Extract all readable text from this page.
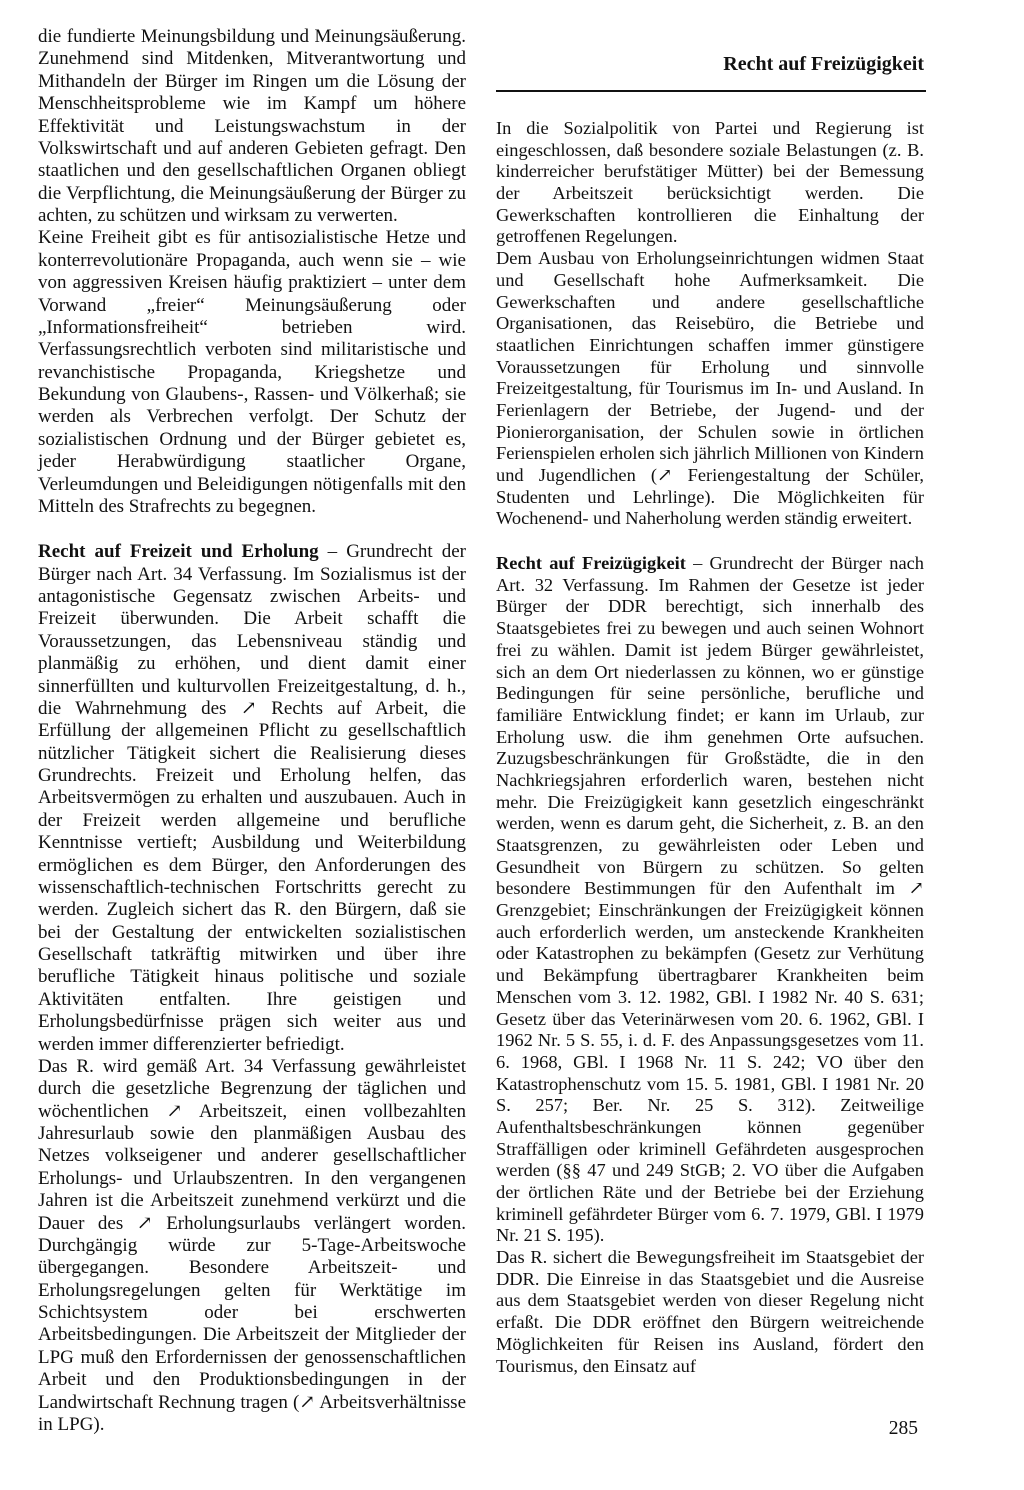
Recht auf Freizügigkeit

die fundierte Meinungsbildung und Meinungsäußerung. Zunehmend sind Mitdenken, Mitverantwortung und Mithandeln der Bürger im Ringen um die Lösung der Menschheitsprobleme wie im Kampf um höhere Effektivität und Leistungswachstum in der Volkswirtschaft und auf anderen Gebieten gefragt. Den staatlichen und den gesellschaftlichen Organen obliegt die Verpflichtung, die Meinungsäußerung der Bürger zu achten, zu schützen und wirksam zu verwerten.

Keine Freiheit gibt es für antisozialistische Hetze und konterrevolutionäre Propaganda, auch wenn sie – wie von aggressiven Kreisen häufig praktiziert – unter dem Vorwand „freier“ Meinungsäußerung oder „Informationsfreiheit“ betrieben wird. Verfassungsrechtlich verboten sind militaristische und revanchistische Propaganda, Kriegshetze und Bekundung von Glaubens-, Rassen- und Völkerhaß; sie werden als Verbrechen verfolgt. Der Schutz der sozialistischen Ordnung und der Bürger gebietet es, jeder Herabwürdigung staatlicher Organe, Verleumdungen und Beleidigungen nötigenfalls mit den Mitteln des Strafrechts zu begegnen.

Recht auf Freizeit und Erholung – Grundrecht der Bürger nach Art. 34 Verfassung. Im Sozialismus ist der antagonistische Gegensatz zwischen Arbeits- und Freizeit überwunden. Die Arbeit schafft die Voraussetzungen, das Lebensniveau ständig und planmäßig zu erhöhen, und dient damit einer sinnerfüllten und kulturvollen Freizeitgestaltung, d. h., die Wahrnehmung des ↗ Rechts auf Arbeit, die Erfüllung der allgemeinen Pflicht zu gesellschaftlich nützlicher Tätigkeit sichert die Realisierung dieses Grundrechts. Freizeit und Erholung helfen, das Arbeitsvermögen zu erhalten und auszubauen. Auch in der Freizeit werden allgemeine und berufliche Kenntnisse vertieft; Ausbildung und Weiterbildung ermöglichen es dem Bürger, den Anforderungen des wissenschaftlich-technischen Fortschritts gerecht zu werden. Zugleich sichert das R. den Bürgern, daß sie bei der Gestaltung der entwickelten sozialistischen Gesellschaft tatkräftig mitwirken und über ihre berufliche Tätigkeit hinaus politische und soziale Aktivitäten entfalten. Ihre geistigen und Erholungsbedürfnisse prägen sich weiter aus und werden immer differenzierter befriedigt.

Das R. wird gemäß Art. 34 Verfassung gewährleistet durch die gesetzliche Begrenzung der täglichen und wöchentlichen ↗ Arbeitszeit, einen vollbezahlten Jahresurlaub sowie den planmäßigen Ausbau des Netzes volkseigener und anderer gesellschaftlicher Erholungs- und Urlaubszentren. In den vergangenen Jahren ist die Arbeitszeit zunehmend verkürzt und die Dauer des ↗ Erholungsurlaubs verlängert worden. Durchgängig würde zur 5-Tage-Arbeitswoche übergegangen. Besondere Arbeitszeit- und Erholungsregelungen gelten für Werktätige im Schichtsystem oder bei erschwerten Arbeitsbedingungen. Die Arbeitszeit der Mitglieder der LPG muß den Erfordernissen der genossenschaftlichen Arbeit und den Produktionsbedingungen in der Landwirtschaft Rechnung tragen (↗ Arbeitsverhältnisse in LPG).

In die Sozialpolitik von Partei und Regierung ist eingeschlossen, daß besondere soziale Belastungen (z. B. kinderreicher berufstätiger Mütter) bei der Bemessung der Arbeitszeit berücksichtigt werden. Die Gewerkschaften kontrollieren die Einhaltung der getroffenen Regelungen.

Dem Ausbau von Erholungseinrichtungen widmen Staat und Gesellschaft hohe Aufmerksamkeit. Die Gewerkschaften und andere gesellschaftliche Organisationen, das Reisebüro, die Betriebe und staatlichen Einrichtungen schaffen immer günstigere Voraussetzungen für Erholung und sinnvolle Freizeitgestaltung, für Tourismus im In- und Ausland. In Ferienlagern der Betriebe, der Jugend- und der Pionierorganisation, der Schulen sowie in örtlichen Ferienspielen erholen sich jährlich Millionen von Kindern und Jugendlichen (↗ Feriengestaltung der Schüler, Studenten und Lehrlinge). Die Möglichkeiten für Wochenend- und Naherholung werden ständig erweitert.

Recht auf Freizügigkeit – Grundrecht der Bürger nach Art. 32 Verfassung. Im Rahmen der Gesetze ist jeder Bürger der DDR berechtigt, sich innerhalb des Staatsgebietes frei zu bewegen und auch seinen Wohnort frei zu wählen. Damit ist jedem Bürger gewährleistet, sich an dem Ort niederlassen zu können, wo er günstige Bedingungen für seine persönliche, berufliche und familiäre Entwicklung findet; er kann im Urlaub, zur Erholung usw. die ihm genehmen Orte aufsuchen. Zuzugsbeschränkungen für Großstädte, die in den Nachkriegsjahren erforderlich waren, bestehen nicht mehr. Die Freizügigkeit kann gesetzlich eingeschränkt werden, wenn es darum geht, die Sicherheit, z. B. an den Staatsgrenzen, zu gewährleisten oder Leben und Gesundheit von Bürgern zu schützen. So gelten besondere Bestimmungen für den Aufenthalt im ↗ Grenzgebiet; Einschränkungen der Freizügigkeit können auch erforderlich werden, um ansteckende Krankheiten oder Katastrophen zu bekämpfen (Gesetz zur Verhütung und Bekämpfung übertragbarer Krankheiten beim Menschen vom 3. 12. 1982, GBl. I 1982 Nr. 40 S. 631; Gesetz über das Veterinärwesen vom 20. 6. 1962, GBl. I 1962 Nr. 5 S. 55, i. d. F. des Anpassungsgesetzes vom 11. 6. 1968, GBl. I 1968 Nr. 11 S. 242; VO über den Katastrophenschutz vom 15. 5. 1981, GBl. I 1981 Nr. 20 S. 257; Ber. Nr. 25 S. 312). Zeitweilige Aufenthaltsbeschränkungen können gegenüber Straffälligen oder kriminell Gefährdeten ausgesprochen werden (§§ 47 und 249 StGB; 2. VO über die Aufgaben der örtlichen Räte und der Betriebe bei der Erziehung kriminell gefährdeter Bürger vom 6. 7. 1979, GBl. I 1979 Nr. 21 S. 195).

Das R. sichert die Bewegungsfreiheit im Staatsgebiet der DDR. Die Einreise in das Staatsgebiet und die Ausreise aus dem Staatsgebiet werden von dieser Regelung nicht erfaßt. Die DDR eröffnet den Bürgern weitreichende Möglichkeiten für Reisen ins Ausland, fördert den Tourismus, den Einsatz auf

285
